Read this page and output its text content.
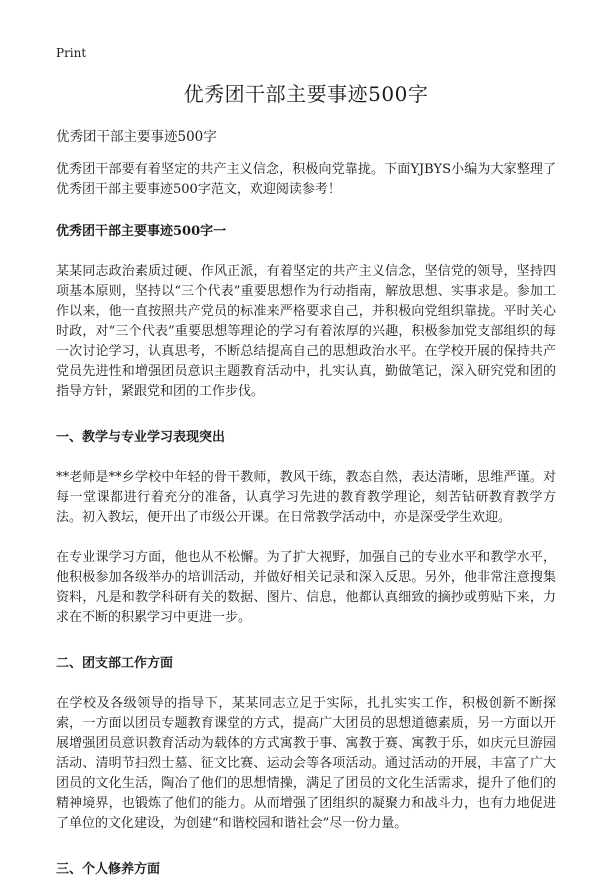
Print
优秀团干部主要事迹500字

优秀团干部主要事迹500字

优秀团干部要有着坚定的共产主义信念，积极向党靠拢。下面YJBYS小编为大家整理了优秀团干部主要事迹500字范文，欢迎阅读参考！

优秀团干部主要事迹500字一

某某同志政治素质过硬、作风正派，有着坚定的共产主义信念，坚信党的领导，坚持四项基本原则，坚持以“三个代表”重要思想作为行动指南，解放思想、实事求是。参加工作以来，他一直按照共产党员的标准来严格要求自己，并积极向党组织靠拢。平时关心时政，对“三个代表”重要思想等理论的学习有着浓厚的兴趣，积极参加党支部组织的每一次讨论学习，认真思考，不断总结提高自己的思想政治水平。在学校开展的保持共产党员先进性和增强团员意识主题教育活动中，扎实认真，勤做笔记，深入研究党和团的指导方针，紧跟党和团的工作步伐。

一、教学与专业学习表现突出

**老师是**乡学校中年轻的骨干教师，教风干练，教态自然，表达清晰，思维严谨。对每一堂课都进行着充分的准备，认真学习先进的教育教学理论，刻苦钻研教育教学方法。初入教坛，便开出了市级公开课。在日常教学活动中，亦是深受学生欢迎。

在专业课学习方面，他也从不松懈。为了扩大视野，加强自己的专业水平和教学水平，他积极参加各级举办的培训活动，并做好相关记录和深入反思。另外，他非常注意搜集资料，凡是和教学科研有关的数据、图片、信息，他都认真细致的摘抄或剪贴下来，力求在不断的积累学习中更进一步。

二、团支部工作方面

在学校及各级领导的指导下，某某同志立足于实际，扎扎实实工作，积极创新不断探索，一方面以团员专题教育课堂的方式，提高广大团员的思想道德素质，另一方面以开展增强团员意识教育活动为载体的方式寓教于事、寓教于赛、寓教于乐，如庆元旦游园活动、清明节扫烈士墓、征文比赛、运动会等各项活动。通过活动的开展，丰富了广大团员的文化生活，陶冶了他们的思想情操，满足了团员的文化生活需求，提升了他们的精神境界，也锻炼了他们的能力。从而增强了团组织的凝聚力和战斗力，也有力地促进了单位的文化建设，为创建“和谐校园和谐社会”尽一份力量。

三、个人修养方面
